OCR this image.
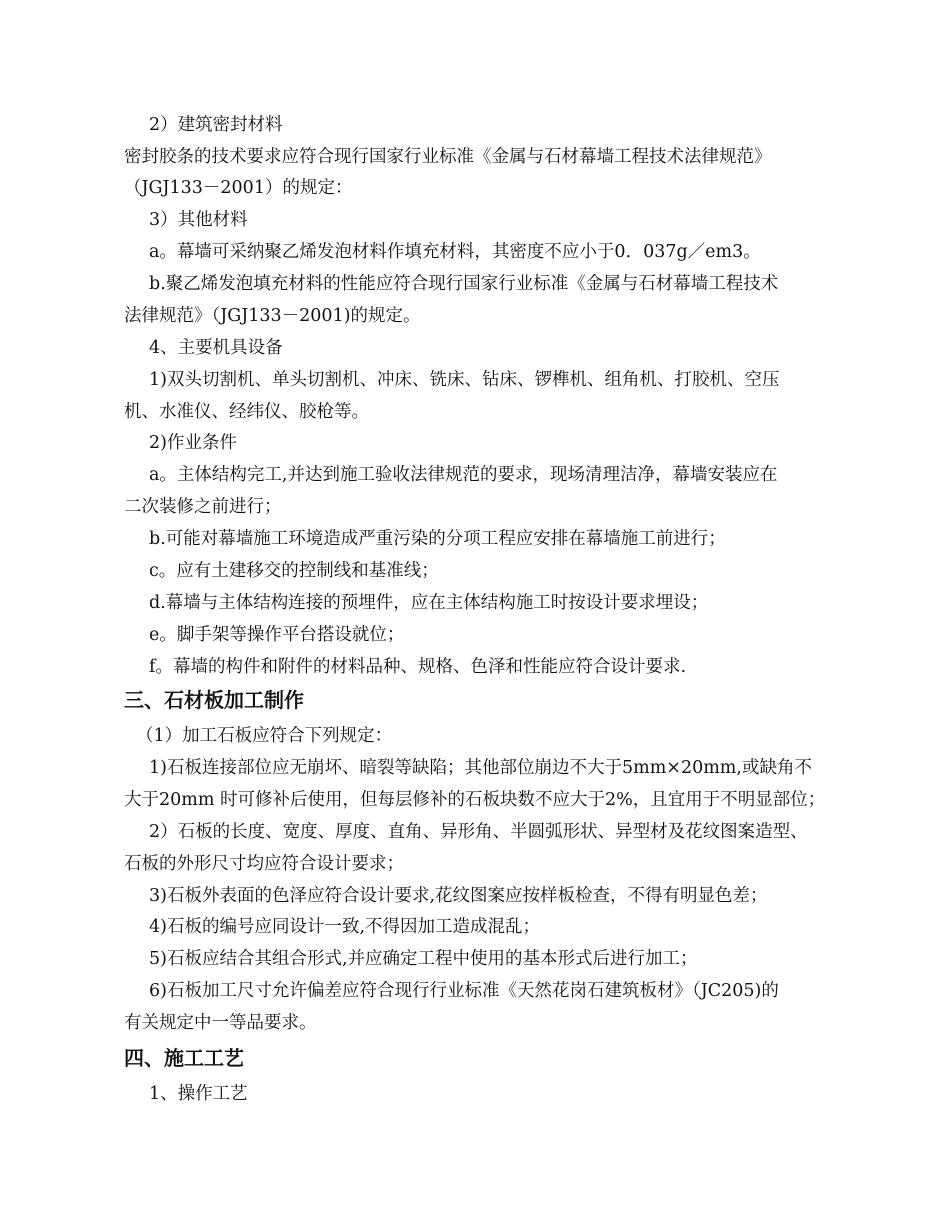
2）建筑密封材料
密封胶条的技术要求应符合现行国家行业标准《金属与石材幕墙工程技术法律规范》
（JGJ133－2001）的规定：
3）其他材料
a。幕墙可采纳聚乙烯发泡材料作填充材料，其密度不应小于0．037g／em3。
b.聚乙烯发泡填充材料的性能应符合现行国家行业标准《金属与石材幕墙工程技术
法律规范》（JGJ133－2001)的规定。
4、主要机具设备
1)双头切割机、单头切割机、冲床、铣床、钻床、锣榫机、组角机、打胶机、空压
机、水准仪、经纬仪、胶枪等。
2)作业条件
a。主体结构完工,并达到施工验收法律规范的要求，现场清理洁净，幕墙安装应在
二次装修之前进行；
b.可能对幕墙施工环境造成严重污染的分项工程应安排在幕墙施工前进行；
c。应有土建移交的控制线和基准线；
d.幕墙与主体结构连接的预埋件，应在主体结构施工时按设计要求埋设；
e。脚手架等操作平台搭设就位；
f。幕墙的构件和附件的材料品种、规格、色泽和性能应符合设计要求.
三、石材板加工制作
（1）加工石板应符合下列规定：
1)石板连接部位应无崩坏、暗裂等缺陷；其他部位崩边不大于5mm×20mm,或缺角不
大于20mm 时可修补后使用，但每层修补的石板块数不应大于2%，且宜用于不明显部位；
2）石板的长度、宽度、厚度、直角、异形角、半圆弧形状、异型材及花纹图案造型、
石板的外形尺寸均应符合设计要求；
3)石板外表面的色泽应符合设计要求,花纹图案应按样板检查，不得有明显色差；
4)石板的编号应同设计一致,不得因加工造成混乱；
5)石板应结合其组合形式,并应确定工程中使用的基本形式后进行加工；
6)石板加工尺寸允许偏差应符合现行行业标准《天然花岗石建筑板材》（JC205)的
有关规定中一等品要求。
四、施工工艺
1、操作工艺
